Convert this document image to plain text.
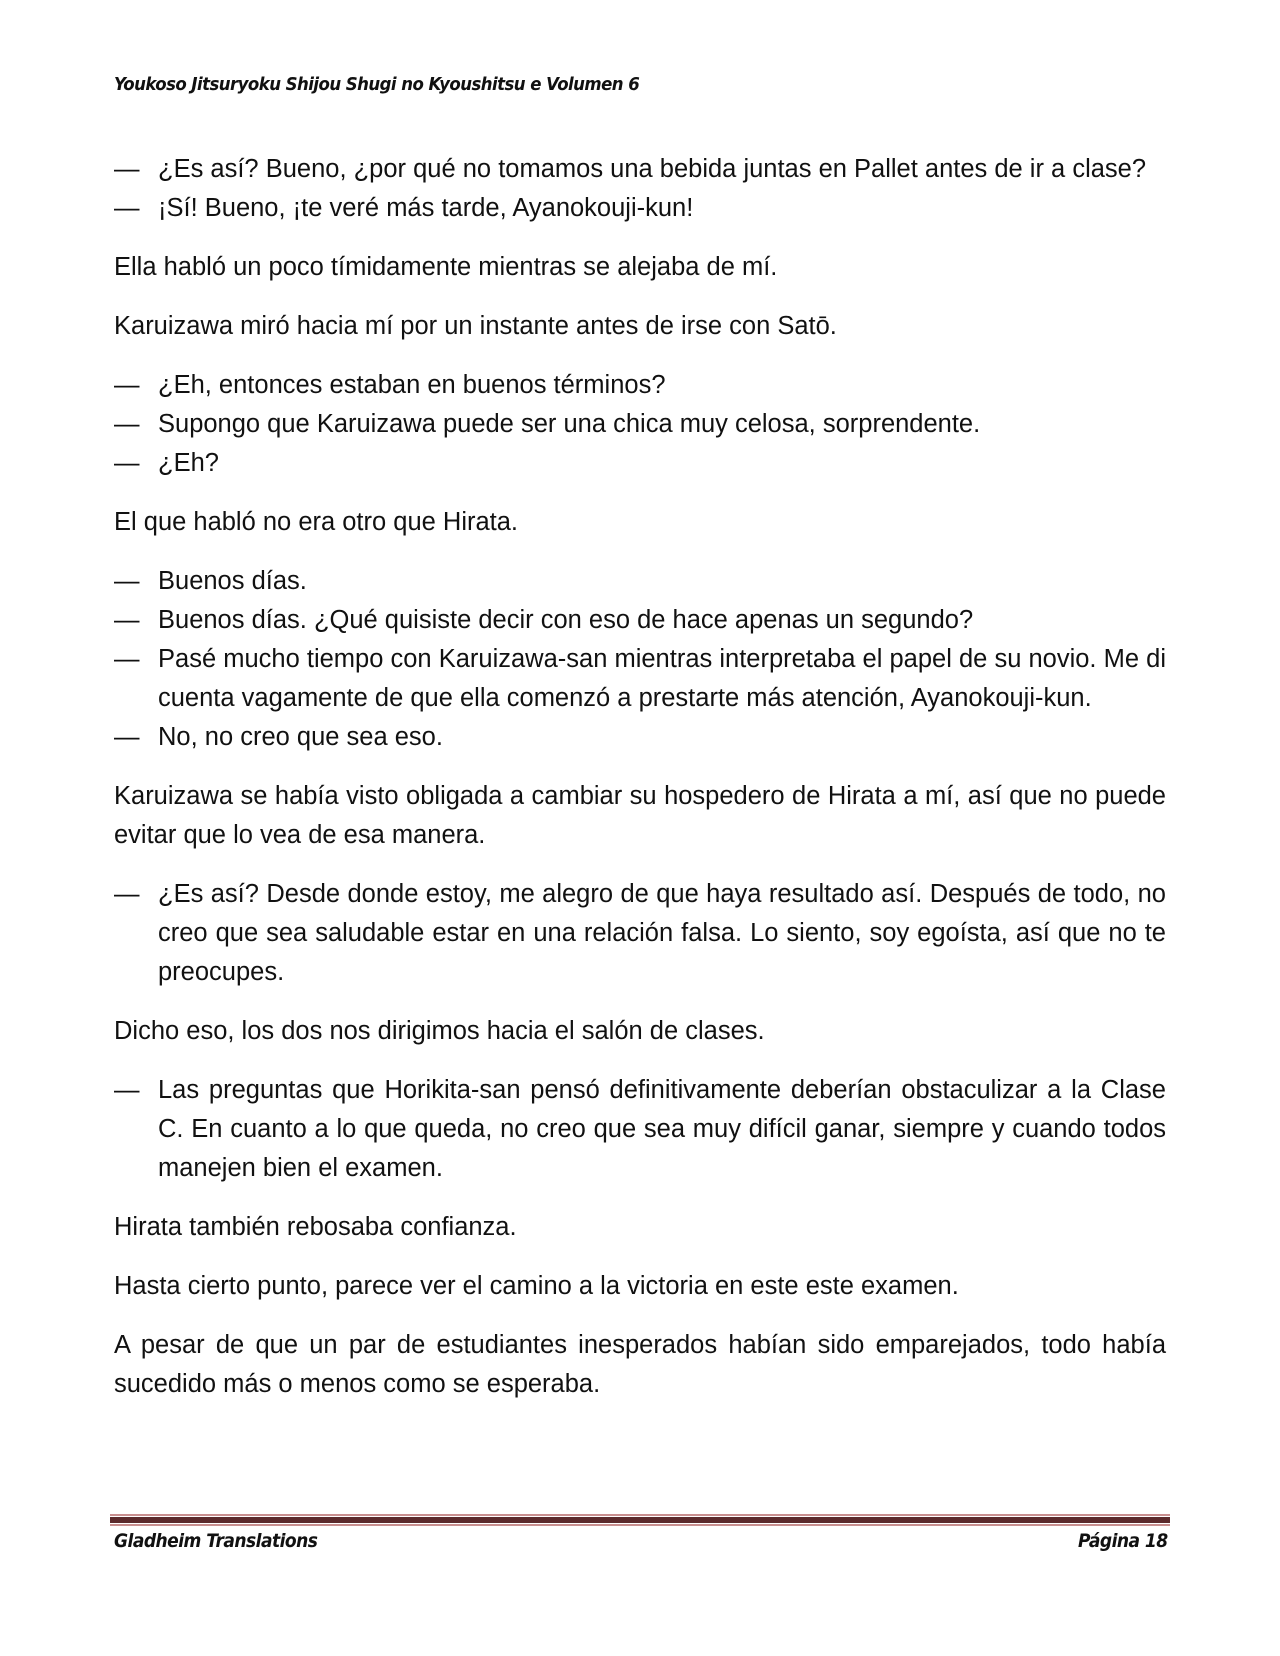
Youkoso Jitsuryoku Shijou Shugi no Kyoushitsu e Volumen 6
— ¿Es así? Bueno, ¿por qué no tomamos una bebida juntas en Pallet antes de ir a clase?
— ¡Sí! Bueno, ¡te veré más tarde, Ayanokouji-kun!

Ella habló un poco tímidamente mientras se alejaba de mí.

Karuizawa miró hacia mí por un instante antes de irse con Satō.

— ¿Eh, entonces estaban en buenos términos?
— Supongo que Karuizawa puede ser una chica muy celosa, sorprendente.
— ¿Eh?

El que habló no era otro que Hirata.

— Buenos días.
— Buenos días. ¿Qué quisiste decir con eso de hace apenas un segundo?
— Pasé mucho tiempo con Karuizawa-san mientras interpretaba el papel de su novio. Me di cuenta vagamente de que ella comenzó a prestarte más atención, Ayanokouji-kun.
— No, no creo que sea eso.

Karuizawa se había visto obligada a cambiar su hospedero de Hirata a mí, así que no puede evitar que lo vea de esa manera.

— ¿Es así? Desde donde estoy, me alegro de que haya resultado así. Después de todo, no creo que sea saludable estar en una relación falsa. Lo siento, soy egoísta, así que no te preocupes.

Dicho eso, los dos nos dirigimos hacia el salón de clases.

— Las preguntas que Horikita-san pensó definitivamente deberían obstaculizar a la Clase C. En cuanto a lo que queda, no creo que sea muy difícil ganar, siempre y cuando todos manejen bien el examen.

Hirata también rebosaba confianza.

Hasta cierto punto, parece ver el camino a la victoria en este este examen.

A pesar de que un par de estudiantes inesperados habían sido emparejados, todo había sucedido más o menos como se esperaba.

Gladheim Translations	Página 18
